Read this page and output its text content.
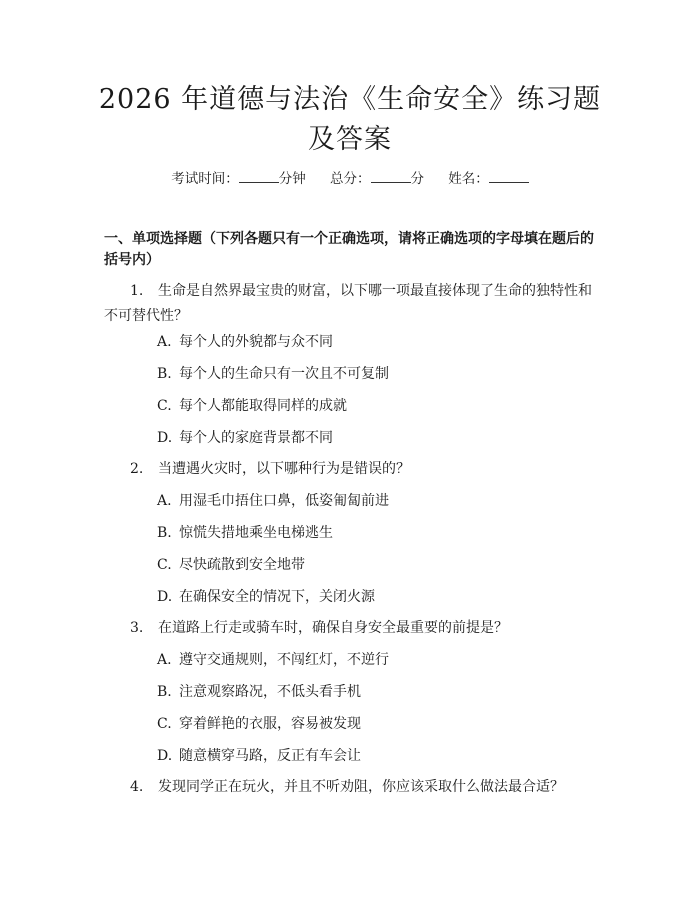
2026 年道德与法治《生命安全》练习题及答案
考试时间：	分钟 总分：	分 姓名：
一、单项选择题（下列各题只有一个正确选项，请将正确选项的字母填在题后的括号内）
1. 生命是自然界最宝贵的财富，以下哪一项最直接体现了生命的独特性和不可替代性？
A. 每个人的外貌都与众不同
B. 每个人的生命只有一次且不可复制
C. 每个人都能取得同样的成就
D. 每个人的家庭背景都不同
2. 当遭遇火灾时，以下哪种行为是错误的？
A. 用湿毛巾捂住口鼻，低姿匍匐前进
B. 惊慌失措地乘坐电梯逃生
C. 尽快疏散到安全地带
D. 在确保安全的情况下，关闭火源
3. 在道路上行走或骑车时，确保自身安全最重要的前提是？
A. 遵守交通规则，不闯红灯，不逆行
B. 注意观察路况，不低头看手机
C. 穿着鲜艳的衣服，容易被发现
D. 随意横穿马路，反正有车会让
4. 发现同学正在玩火，并且不听劝阻，你应该采取什么做法最合适？
